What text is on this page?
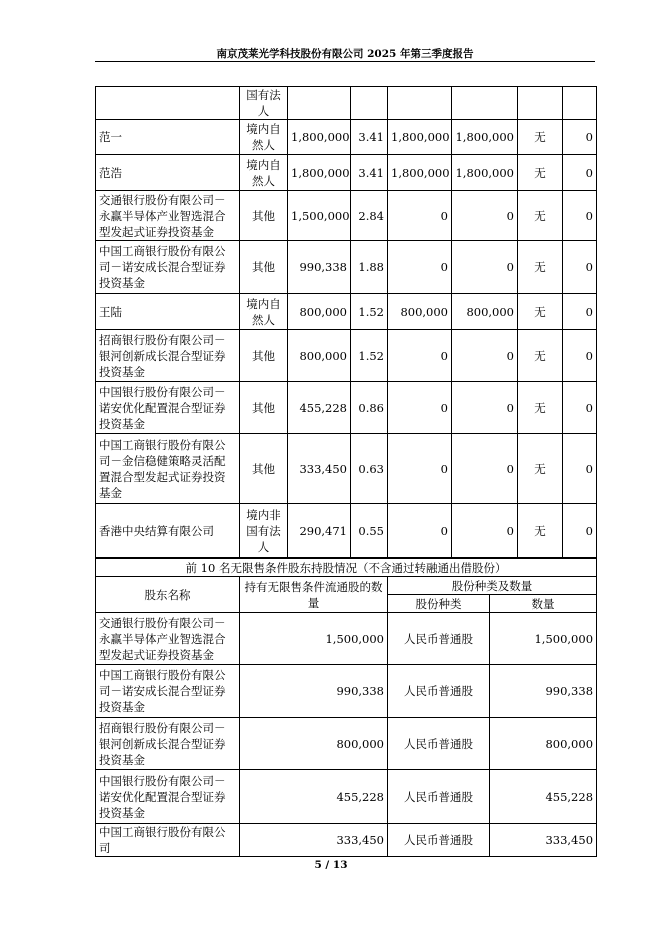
南京茂莱光学科技股份有限公司 2025 年第三季度报告
	国有法人						
范一	境内自然人	1,800,000	3.41	1,800,000	1,800,000	无	0
范浩	境内自然人	1,800,000	3.41	1,800,000	1,800,000	无	0
交通银行股份有限公司－永赢半导体产业智选混合型发起式证券投资基金	其他	1,500,000	2.84	0	0	无	0
中国工商银行股份有限公司－诺安成长混合型证券投资基金	其他	990,338	1.88	0	0	无	0
王陆	境内自然人	800,000	1.52	800,000	800,000	无	0
招商银行股份有限公司－银河创新成长混合型证券投资基金	其他	800,000	1.52	0	0	无	0
中国银行股份有限公司－诺安优化配置混合型证券投资基金	其他	455,228	0.86	0	0	无	0
中国工商银行股份有限公司－金信稳健策略灵活配置混合型发起式证券投资基金	其他	333,450	0.63	0	0	无	0
香港中央结算有限公司	境内非国有法人	290,471	0.55	0	0	无	0
前 10 名无限售条件股东持股情况（不含通过转融通出借股份）			
股东名称	持有无限售条件流通股的数量	股份种类及数量	
		股份种类	数量
交通银行股份有限公司－永赢半导体产业智选混合型发起式证券投资基金	1,500,000	人民币普通股	1,500,000
中国工商银行股份有限公司－诺安成长混合型证券投资基金	990,338	人民币普通股	990,338
招商银行股份有限公司－银河创新成长混合型证券投资基金	800,000	人民币普通股	800,000
中国银行股份有限公司－诺安优化配置混合型证券投资基金	455,228	人民币普通股	455,228
中国工商银行股份有限公司	333,450	人民币普通股	333,450
5 / 13
